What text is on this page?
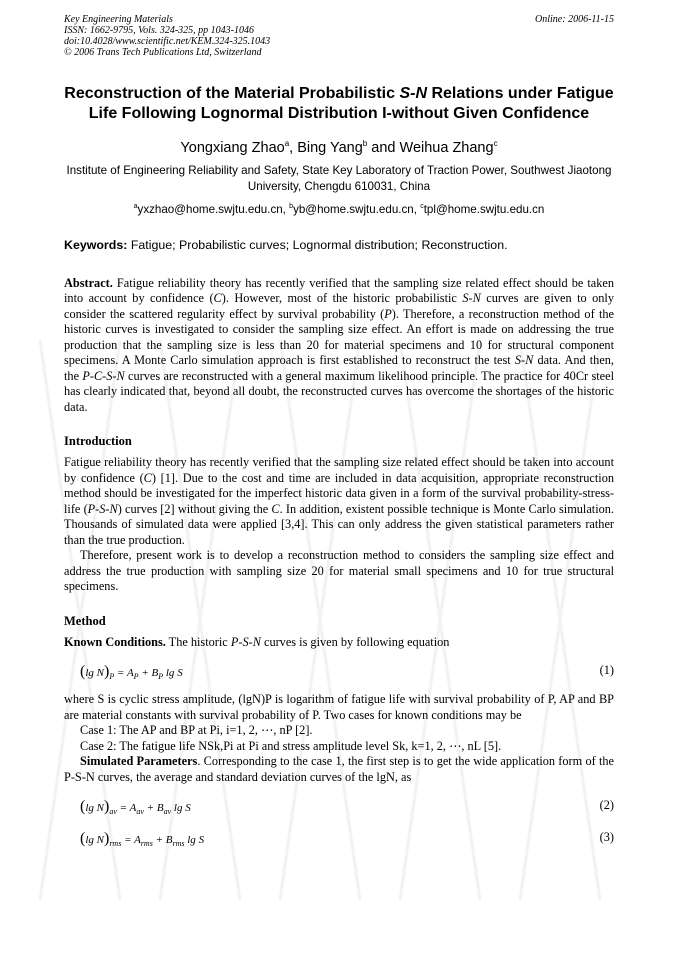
Key Engineering Materials
ISSN: 1662-9795, Vols. 324-325, pp 1043-1046
doi:10.4028/www.scientific.net/KEM.324-325.1043
© 2006 Trans Tech Publications Ltd, Switzerland
Online: 2006-11-15
Reconstruction of the Material Probabilistic S-N Relations under Fatigue Life Following Lognormal Distribution I-without Given Confidence
Yongxiang Zhao$^a$, Bing Yang$^b$ and Weihua Zhang$^c$
Institute of Engineering Reliability and Safety, State Key Laboratory of Traction Power, Southwest Jiaotong University, Chengdu 610031, China
$^a$yxzhao@home.swjtu.edu.cn, $^b$yb@home.swjtu.edu.cn, $^c$tpl@home.swjtu.edu.cn
Keywords: Fatigue; Probabilistic curves; Lognormal distribution; Reconstruction.

Abstract. Fatigue reliability theory has recently verified that the sampling size related effect should be taken into account by confidence (C). However, most of the historic probabilistic S-N curves are given to only consider the scattered regularity effect by survival probability (P). Therefore, a reconstruction method of the historic curves is investigated to consider the sampling size effect. An effort is made on addressing the true production that the sampling size is less than 20 for material specimens and 10 for structural component specimens. A Monte Carlo simulation approach is first established to reconstruct the test S-N data. And then, the P-C-S-N curves are reconstructed with a general maximum likelihood principle. The practice for 40Cr steel has clearly indicated that, beyond all doubt, the reconstructed curves has overcome the shortages of the historic data.

Introduction

Fatigue reliability theory has recently verified that the sampling size related effect should be taken into account by confidence (C) [1]. Due to the cost and time are included in data acquisition, appropriate reconstruction method should be investigated for the imperfect historic data given in a form of the survival probability-stress-life (P-S-N) curves [2] without giving the C. In addition, existent possible technique is Monte Carlo simulation. Thousands of simulated data were applied [3,4]. This can only address the given statistical parameters rather than the true production.

Therefore, present work is to develop a reconstruction method to considers the sampling size effect and address the true production with sampling size 20 for material small specimens and 10 for true structural specimens.

Method

Known Conditions. The historic P-S-N curves is given by following equation

(lg $N)_P = A_P + B_P$ lg S	(1)

where S is cyclic stress amplitude, (lgN)P is logarithm of fatigue life with survival probability of P, AP and BP are material constants with survival probability of P. Two cases for known conditions may be

Case 1: The AP and BP at Pi, i=1, 2, ⋯, nP [2].

Case 2: The fatigue life NSk,Pi at Pi and stress amplitude level Sk, k=1, 2, ⋯, nL [5].

Simulated Parameters. Corresponding to the case 1, the first step is to get the wide application form of the P-S-N curves, the average and standard deviation curves of the lgN, as

(lg $N)_{av} = A_{av} + B_{av}$ lg S	(2)
(lg $N)_{rms} = A_{rms} + B_{rms}$ lg S	(3)
